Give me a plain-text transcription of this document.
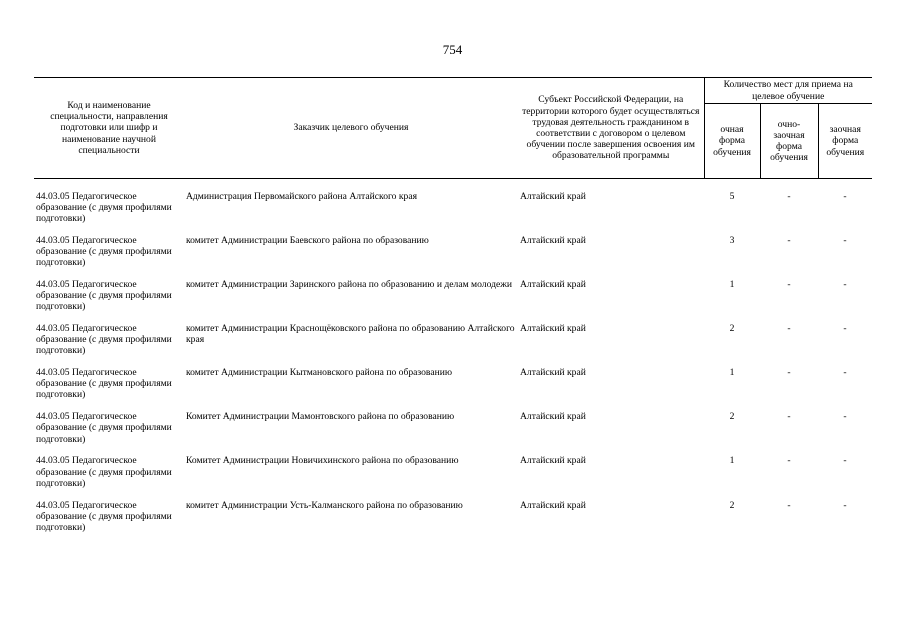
754
Код и наименование специальности, направления подготовки или шифр и наименование научной специальности	Заказчик целевого обучения	Субъект Российской Федерации, на территории которого будет осуществляться трудовая деятельность гражданином в соответствии с договором о целевом обучении после завершения освоения им образовательной программы	Количество мест для приема на целевое обучение		
			очная форма обучения	очно-заочная форма обучения	заочная форма обучения
44.03.05 Педагогическое образование (с двумя профилями подготовки)	Администрация Первомайского района Алтайского края	Алтайский край	5	-	-
44.03.05 Педагогическое образование (с двумя профилями подготовки)	комитет Администрации Баевского района по образованию	Алтайский край	3	-	-
44.03.05 Педагогическое образование (с двумя профилями подготовки)	комитет Администрации Заринского района по образованию и делам молодежи	Алтайский край	1	-	-
44.03.05 Педагогическое образование (с двумя профилями подготовки)	комитет Администрации Краснощёковского района по образованию Алтайского края	Алтайский край	2	-	-
44.03.05 Педагогическое образование (с двумя профилями подготовки)	комитет Администрации Кытмановского района по образованию	Алтайский край	1	-	-
44.03.05 Педагогическое образование (с двумя профилями подготовки)	Комитет Администрации Мамонтовского района по образованию	Алтайский край	2	-	-
44.03.05 Педагогическое образование (с двумя профилями подготовки)	Комитет Администрации Новичихинского района по образованию	Алтайский край	1	-	-
44.03.05 Педагогическое образование (с двумя профилями подготовки)	комитет Администрации Усть-Калманского района по образованию	Алтайский край	2	-	-
